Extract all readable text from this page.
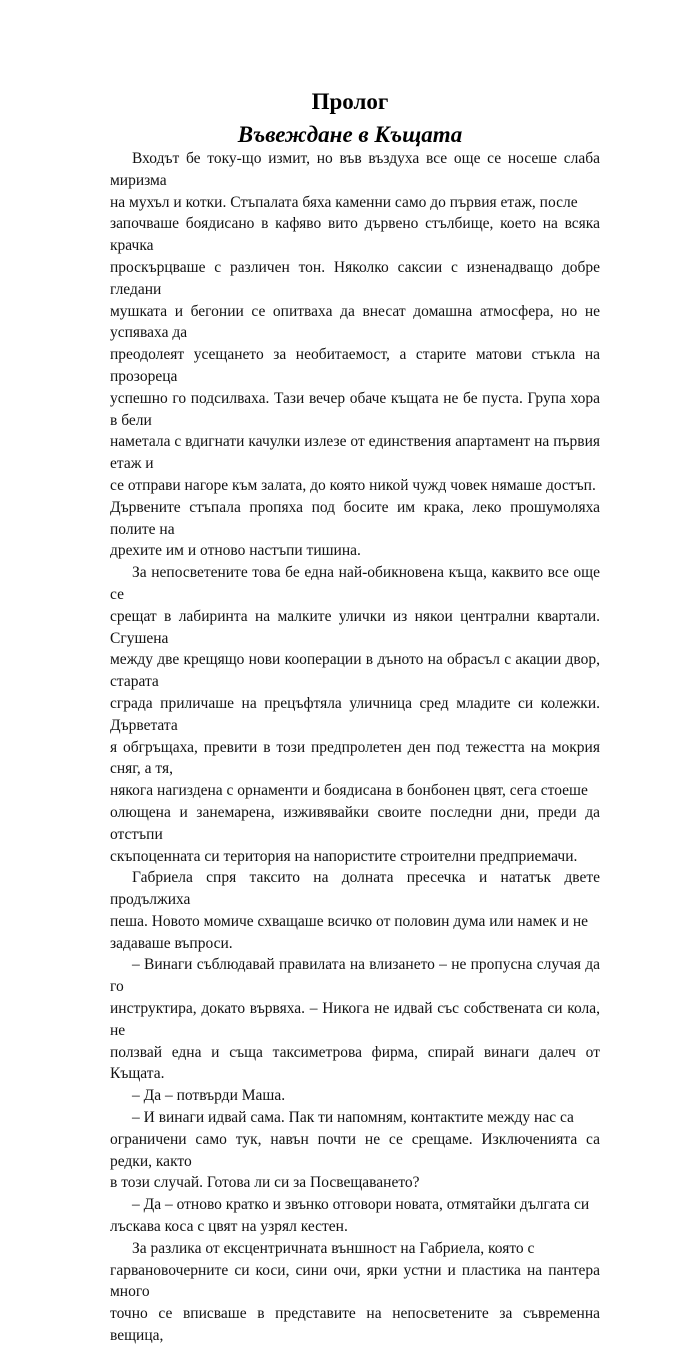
Пролог
Въвеждане в Къщата

Входът бе току-що измит, но във въздуха все още се носеше слаба миризма
на мухъл и котки. Стъпалата бяха каменни само до първия етаж, после
започваше боядисано в кафяво вито дървено стълбище, което на всяка крачка
проскърцваше с различен тон. Няколко саксии с изненадващо добре гледани
мушката и бегонии се опитваха да внесат домашна атмосфера, но не успяваха да
преодолеят усещането за необитаемост, а старите матови стъкла на прозореца
успешно го подсилваха. Тази вечер обаче къщата не бе пуста. Група хора в бели
наметала с вдигнати качулки излезе от единствения апартамент на първия етаж и
се отправи нагоре към залата, до която никой чужд човек нямаше достъп.
Дървените стъпала пропяха под босите им крака, леко прошумоляха полите на
дрехите им и отново настъпи тишина.

За непосветените това бе една най-обикновена къща, каквито все още се
срещат в лабиринта на малките улички из някои централни квартали. Сгушена
между две крещящо нови кооперации в дъното на обрасъл с акации двор, старата
сграда приличаше на прецъфтяла уличница сред младите си колежки. Дърветата
я обгръщаха, превити в този предпролетен ден под тежестта на мокрия сняг, а тя,
някога нагиздена с орнаменти и боядисана в бонбонен цвят, сега стоеше
олющена и занемарена, изживявайки своите последни дни, преди да отстъпи
скъпоценната си територия на напористите строителни предприемачи.

Габриела спря таксито на долната пресечка и нататък двете продължиха
пеша. Новото момиче схващаше всичко от половин дума или намек и не
задаваше въпроси.

– Винаги съблюдавай правилата на влизането – не пропусна случая да го
инструктира, докато вървяха. – Никога не идвай със собствената си кола, не
ползвай една и съща таксиметрова фирма, спирай винаги далеч от Къщата.

– Да – потвърди Маша.

– И винаги идвай сама. Пак ти напомням, контактите между нас са
ограничени само тук, навън почти не се срещаме. Изключенията са редки, както
в този случай. Готова ли си за Посвещаването?

– Да – отново кратко и звънко отговори новата, отмятайки дългата си
лъскава коса с цвят на узрял кестен.

За разлика от ексцентричната външност на Габриела, която с
гарвановочерните си коси, сини очи, ярки устни и пластика на пантера много
точно се вписваше в представите на непосветените за съвременна вещица,
